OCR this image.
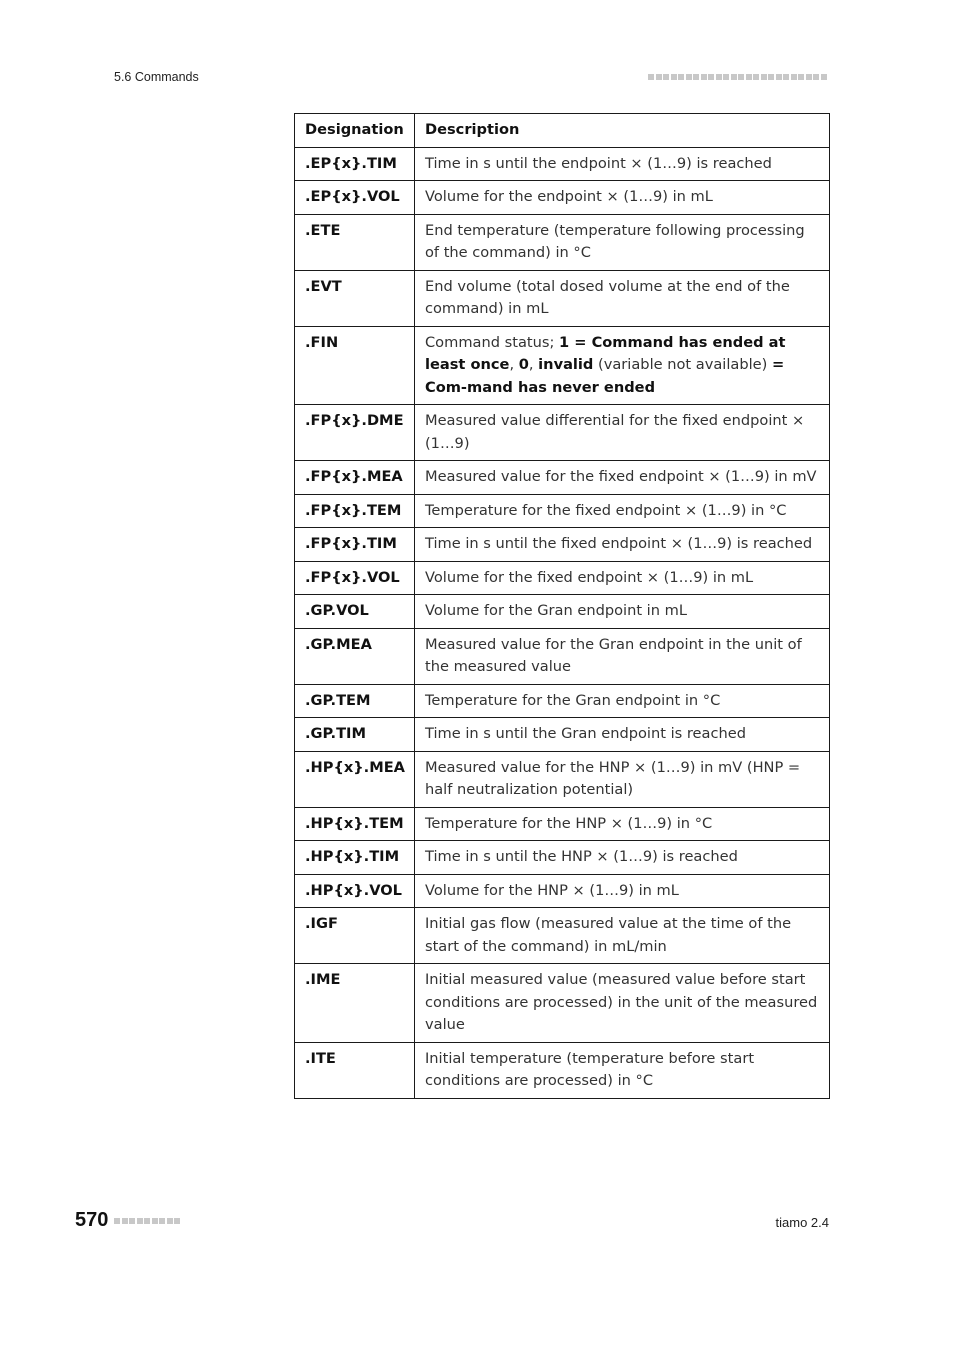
5.6 Commands
Designation	Description
.EP{x}.TIM	Time in s until the endpoint × (1…9) is reached
.EP{x}.VOL	Volume for the endpoint × (1…9) in mL
.ETE	End temperature (temperature following processing of the command) in °C
.EVT	End volume (total dosed volume at the end of the command) in mL
.FIN	Command status; 1 = Command has ended at least once, 0, invalid (variable not available) = Com-mand has never ended
.FP{x}.DME	Measured value differential for the fixed endpoint × (1…9)
.FP{x}.MEA	Measured value for the fixed endpoint × (1…9) in mV
.FP{x}.TEM	Temperature for the fixed endpoint × (1…9) in °C
.FP{x}.TIM	Time in s until the fixed endpoint × (1…9) is reached
.FP{x}.VOL	Volume for the fixed endpoint × (1…9) in mL
.GP.VOL	Volume for the Gran endpoint in mL
.GP.MEA	Measured value for the Gran endpoint in the unit of the measured value
.GP.TEM	Temperature for the Gran endpoint in °C
.GP.TIM	Time in s until the Gran endpoint is reached
.HP{x}.MEA	Measured value for the HNP × (1…9) in mV (HNP = half neutralization potential)
.HP{x}.TEM	Temperature for the HNP × (1…9) in °C
.HP{x}.TIM	Time in s until the HNP × (1…9) is reached
.HP{x}.VOL	Volume for the HNP × (1…9) in mL
.IGF	Initial gas flow (measured value at the time of the start of the command) in mL/min
.IME	Initial measured value (measured value before start conditions are processed) in the unit of the measured value
.ITE	Initial temperature (temperature before start conditions are processed) in °C
570	tiamo 2.4
